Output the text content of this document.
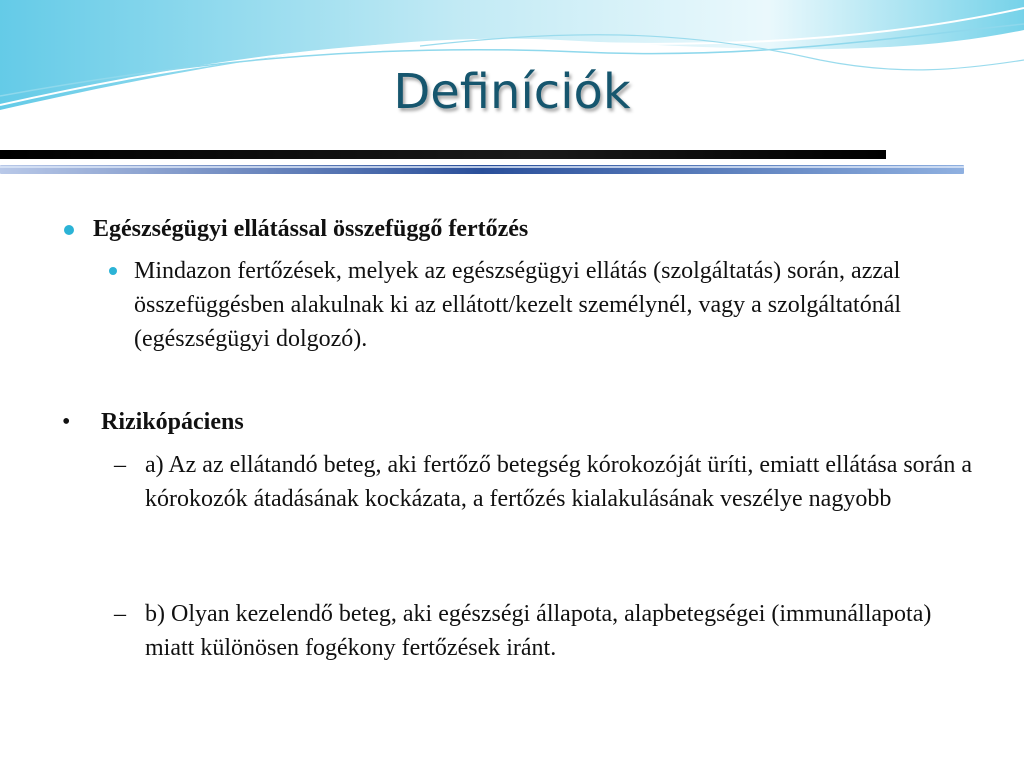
Definíciók
Egészségügyi ellátással összefüggő fertőzés
Mindazon fertőzések, melyek az egészségügyi ellátás (szolgáltatás) során, azzal összefüggésben alakulnak ki az ellátott/kezelt személynél, vagy a szolgáltatónál (egészségügyi dolgozó).
• Rizikópáciens
– a) Az az ellátandó beteg, aki fertőző betegség kórokozóját üríti, emiatt ellátása során a kórokozók átadásának kockázata, a fertőzés kialakulásának veszélye nagyobb
– b) Olyan kezelendő beteg, aki egészségi állapota, alapbetegségei (immunállapota) miatt különösen fogékony fertőzések iránt.
